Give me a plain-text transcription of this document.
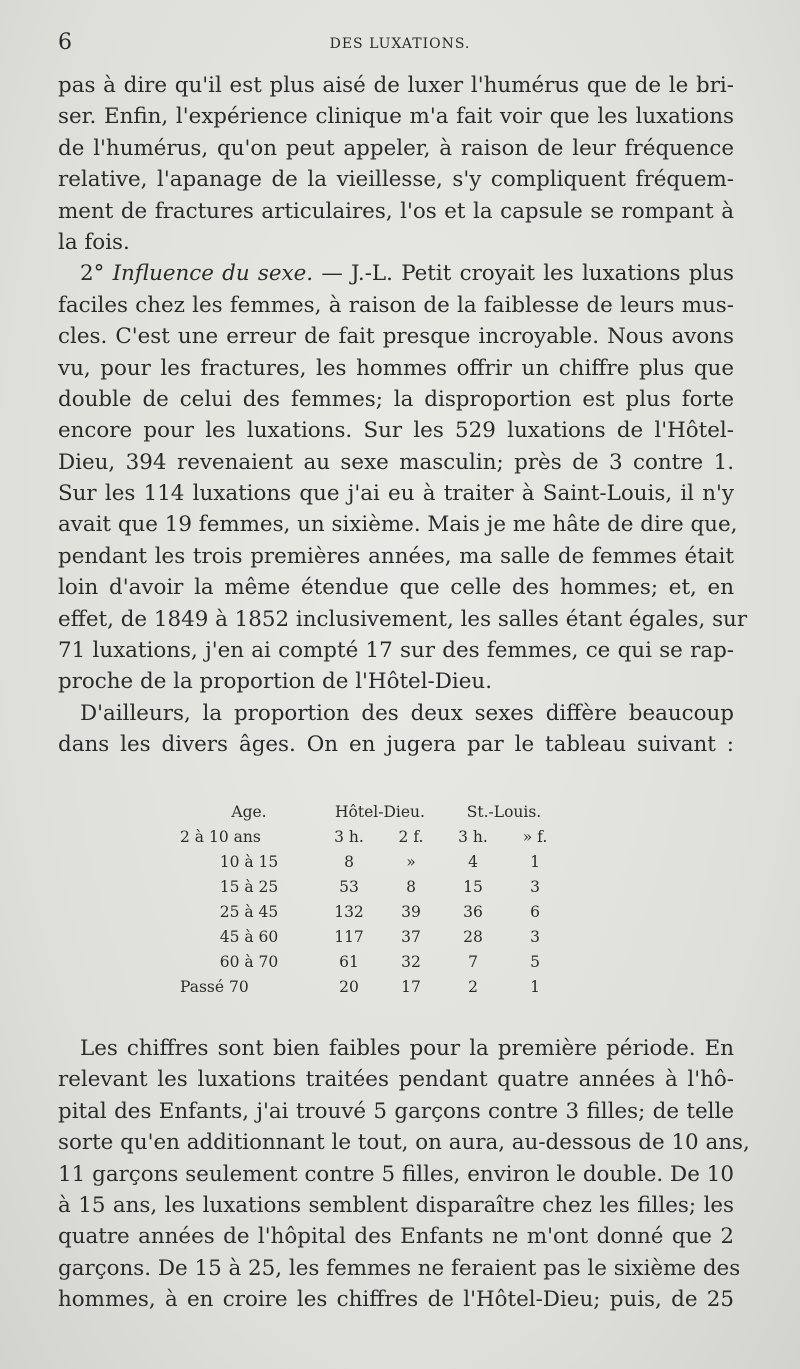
6	DES LUXATIONS.
pas à dire qu'il est plus aisé de luxer l'humérus que de le bri-
ser. Enfin, l'expérience clinique m'a fait voir que les luxations
de l'humérus, qu'on peut appeler, à raison de leur fréquence
relative, l'apanage de la vieillesse, s'y compliquent fréquem-
ment de fractures articulaires, l'os et la capsule se rompant à
la fois.
2° Influence du sexe. — J.-L. Petit croyait les luxations plus
faciles chez les femmes, à raison de la faiblesse de leurs mus-
cles. C'est une erreur de fait presque incroyable. Nous avons
vu, pour les fractures, les hommes offrir un chiffre plus que
double de celui des femmes; la disproportion est plus forte
encore pour les luxations. Sur les 529 luxations de l'Hôtel-
Dieu, 394 revenaient au sexe masculin; près de 3 contre 1.
Sur les 114 luxations que j'ai eu à traiter à Saint-Louis, il n'y
avait que 19 femmes, un sixième. Mais je me hâte de dire que,
pendant les trois premières années, ma salle de femmes était
loin d'avoir la même étendue que celle des hommes; et, en
effet, de 1849 à 1852 inclusivement, les salles étant égales, sur
71 luxations, j'en ai compté 17 sur des femmes, ce qui se rap-
proche de la proportion de l'Hôtel-Dieu.
D'ailleurs, la proportion des deux sexes diffère beaucoup
dans les divers âges. On en jugera par le tableau suivant :
Age.	Hôtel-Dieu.	St.-Louis.
2 à 10 ans	3 h.	2 f.	3 h.	» f.
10 à 15	8	»	4	1
15 à 25	53	8	15	3
25 à 45	132	39	36	6
45 à 60	117	37	28	3
60 à 70	61	32	7	5
Passé 70	20	17	2	1
Les chiffres sont bien faibles pour la première période. En
relevant les luxations traitées pendant quatre années à l'hô-
pital des Enfants, j'ai trouvé 5 garçons contre 3 filles; de telle
sorte qu'en additionnant le tout, on aura, au-dessous de 10 ans,
11 garçons seulement contre 5 filles, environ le double. De 10
à 15 ans, les luxations semblent disparaître chez les filles; les
quatre années de l'hôpital des Enfants ne m'ont donné que 2
garçons. De 15 à 25, les femmes ne feraient pas le sixième des
hommes, à en croire les chiffres de l'Hôtel-Dieu; puis, de 25
